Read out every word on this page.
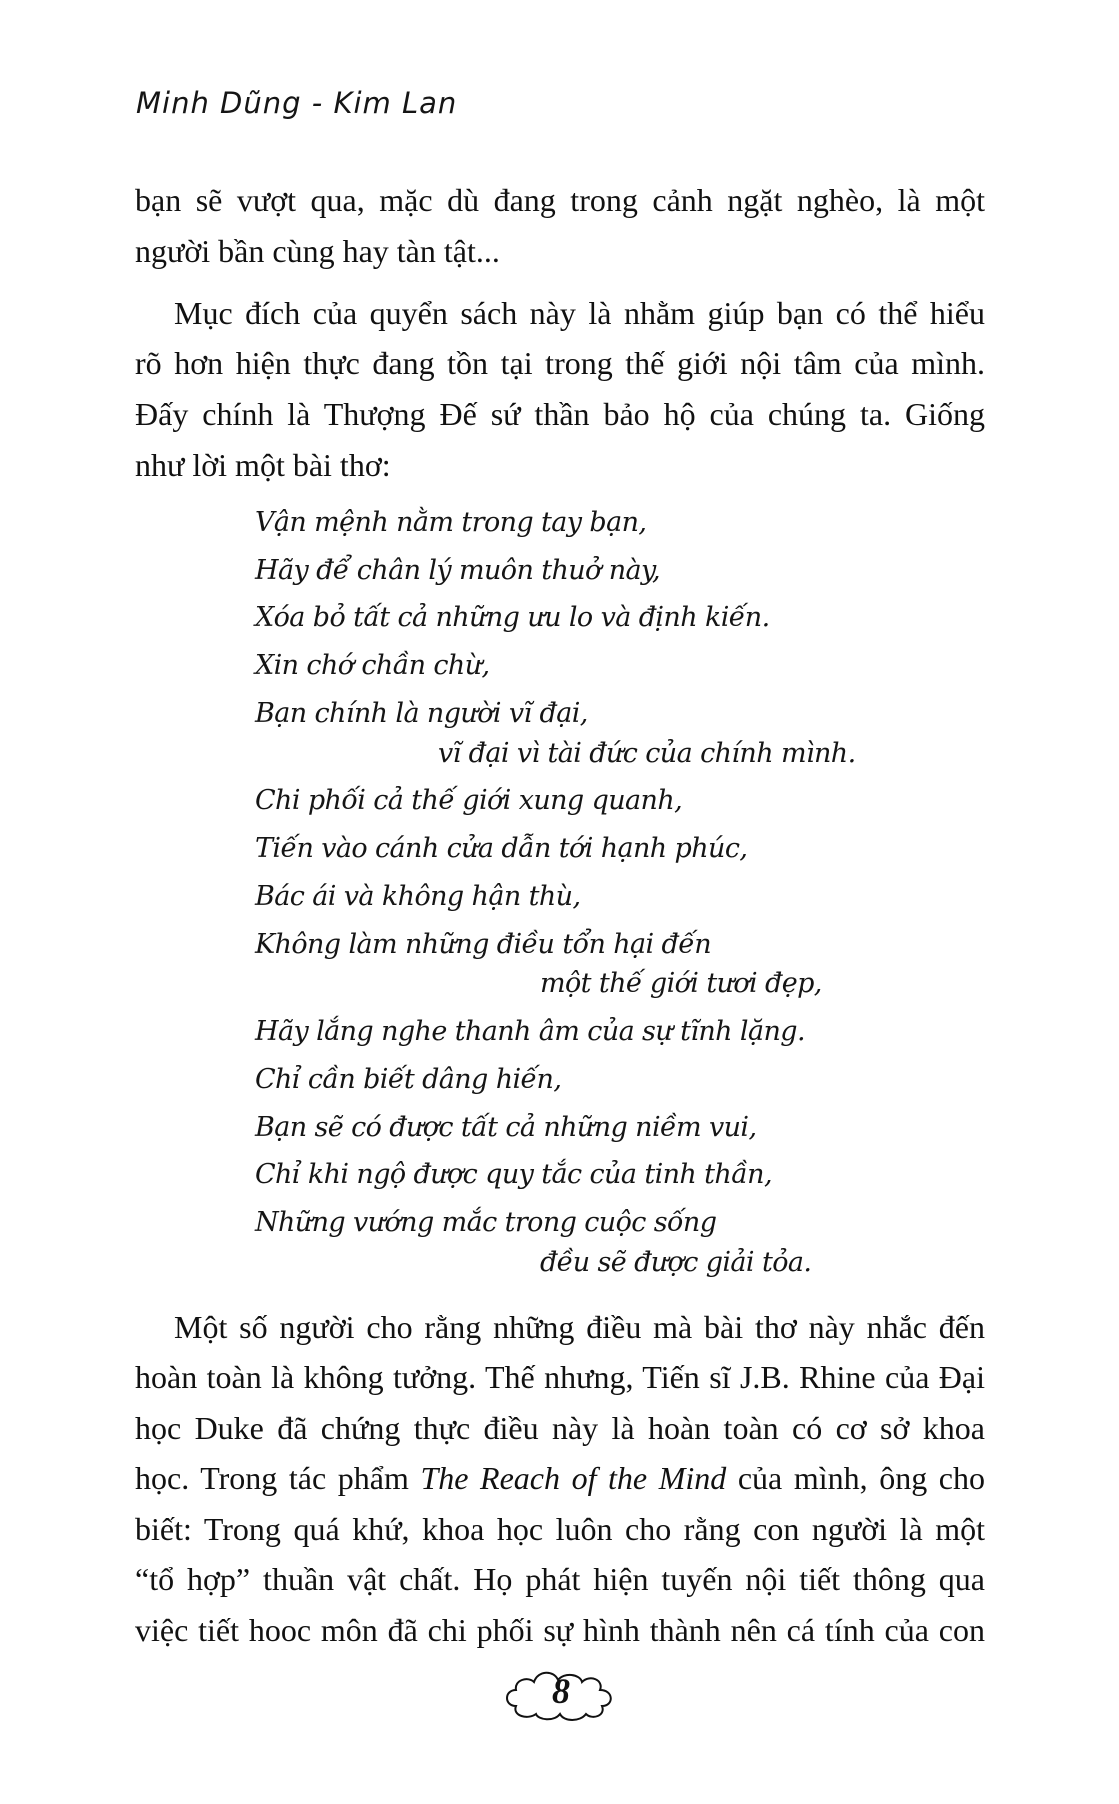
Minh Dũng - Kim Lan
bạn sẽ vượt qua, mặc dù đang trong cảnh ngặt nghèo, là một
người bần cùng hay tàn tật...
Mục đích của quyển sách này là nhằm giúp bạn có thể hiểu
rõ hơn hiện thực đang tồn tại trong thế giới nội tâm của mình.
Đấy chính là Thượng Đế sứ thần bảo hộ của chúng ta. Giống
như lời một bài thơ:
Vận mệnh nằm trong tay bạn,
Hãy để chân lý muôn thuở này,
Xóa bỏ tất cả những ưu lo và định kiến.
Xin chớ chần chừ,
Bạn chính là người vĩ đại,
vĩ đại vì tài đức của chính mình.
Chi phối cả thế giới xung quanh,
Tiến vào cánh cửa dẫn tới hạnh phúc,
Bác ái và không hận thù,
Không làm những điều tổn hại đến
một thế giới tươi đẹp,
Hãy lắng nghe thanh âm của sự tĩnh lặng.
Chỉ cần biết dâng hiến,
Bạn sẽ có được tất cả những niềm vui,
Chỉ khi ngộ được quy tắc của tinh thần,
Những vướng mắc trong cuộc sống
đều sẽ được giải tỏa.
Một số người cho rằng những điều mà bài thơ này nhắc đến
hoàn toàn là không tưởng. Thế nhưng, Tiến sĩ J.B. Rhine của Đại
học Duke đã chứng thực điều này là hoàn toàn có cơ sở khoa
học. Trong tác phẩm The Reach of the Mind của mình, ông cho
biết: Trong quá khứ, khoa học luôn cho rằng con người là một
“tổ hợp” thuần vật chất. Họ phát hiện tuyến nội tiết thông qua
việc tiết hooc môn đã chi phối sự hình thành nên cá tính của con
8
